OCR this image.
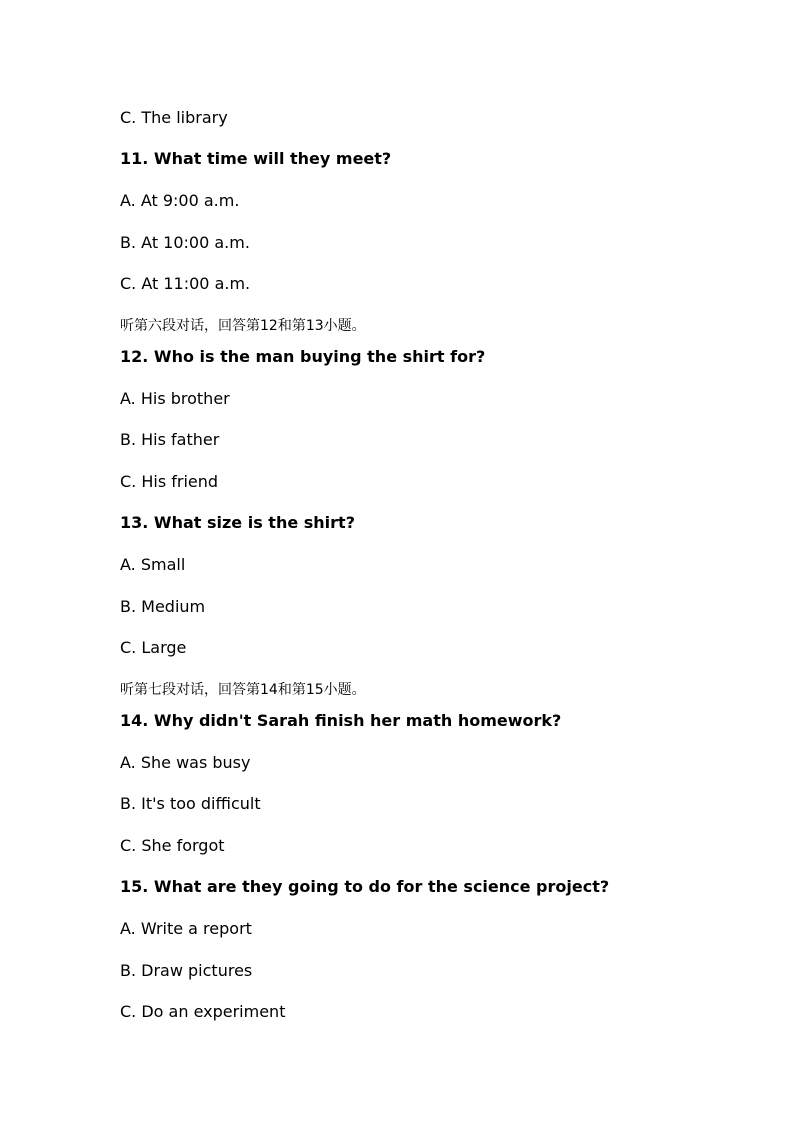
C. The library
11. What time will they meet?
A. At 9:00 a.m.
B. At 10:00 a.m.
C. At 11:00 a.m.
听第六段对话，回答第12和第13小题。
12. Who is the man buying the shirt for?
A. His brother
B. His father
C. His friend
13. What size is the shirt?
A. Small
B. Medium
C. Large
听第七段对话，回答第14和第15小题。
14. Why didn't Sarah finish her math homework?
A. She was busy
B. It's too difficult
C. She forgot
15. What are they going to do for the science project?
A. Write a report
B. Draw pictures
C. Do an experiment
